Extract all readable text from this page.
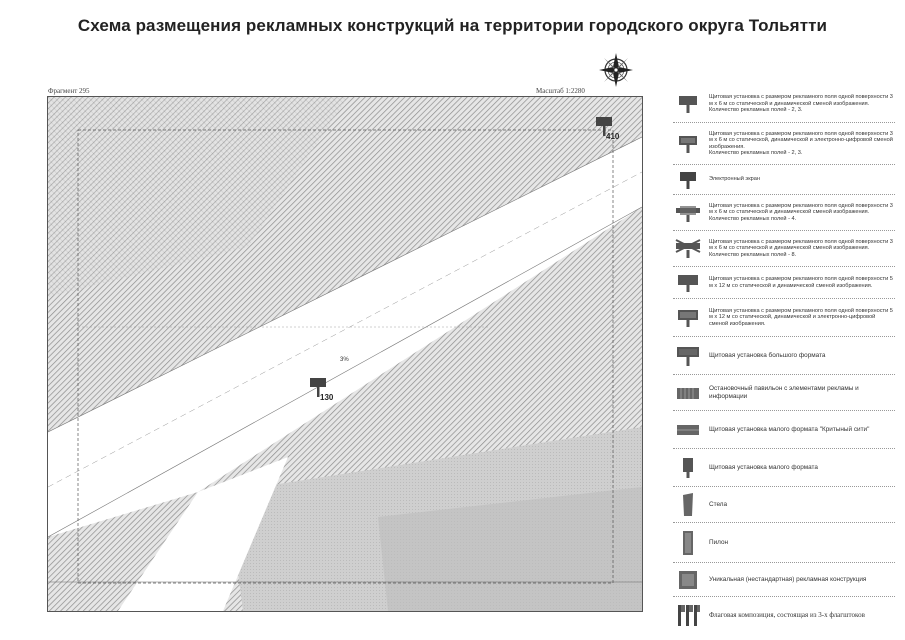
Схема размещения рекламных конструкций на территории городского округа Тольятти
Фрагмент 295	Масштаб 1:2280
3%
410
130
Щитовая установка с размером рекламного поля одной поверхности 3 м х 6 м со статической и динамической сменой изображения.
Количество рекламных полей - 2, 3.
Щитовая установка с размером рекламного поля одной поверхности 3 м х 6 м со статической, динамической и электронно-цифровой сменой изображения.
Количество рекламных полей - 2, 3.
Электронный экран
Щитовая установка с размером рекламного поля одной поверхности 3 м х 6 м со статической и динамической сменой изображения.
Количество рекламных полей - 4.
Щитовая установка с размером рекламного поля одной поверхности 3 м х 6 м со статической и динамической сменой изображения.
Количество рекламных полей - 8.
Щитовая установка с размером рекламного поля одной поверхности 5 м х 12 м со статической и динамической сменой изображения.
Щитовая установка с размером рекламного поля одной поверхности 5 м х 12 м со статической, динамической и электронно-цифровой сменой изображения.
Щитовая установка большого формата
Остановочный павильон с элементами рекламы и информации
Щитовая установка малого формата "Критыный сити"
Щитовая установка малого формата
Стела
Пилон
Уникальная (нестандартная) рекламная конструкция
Флаговая композиция, состоящая из 3-х флагштоков
